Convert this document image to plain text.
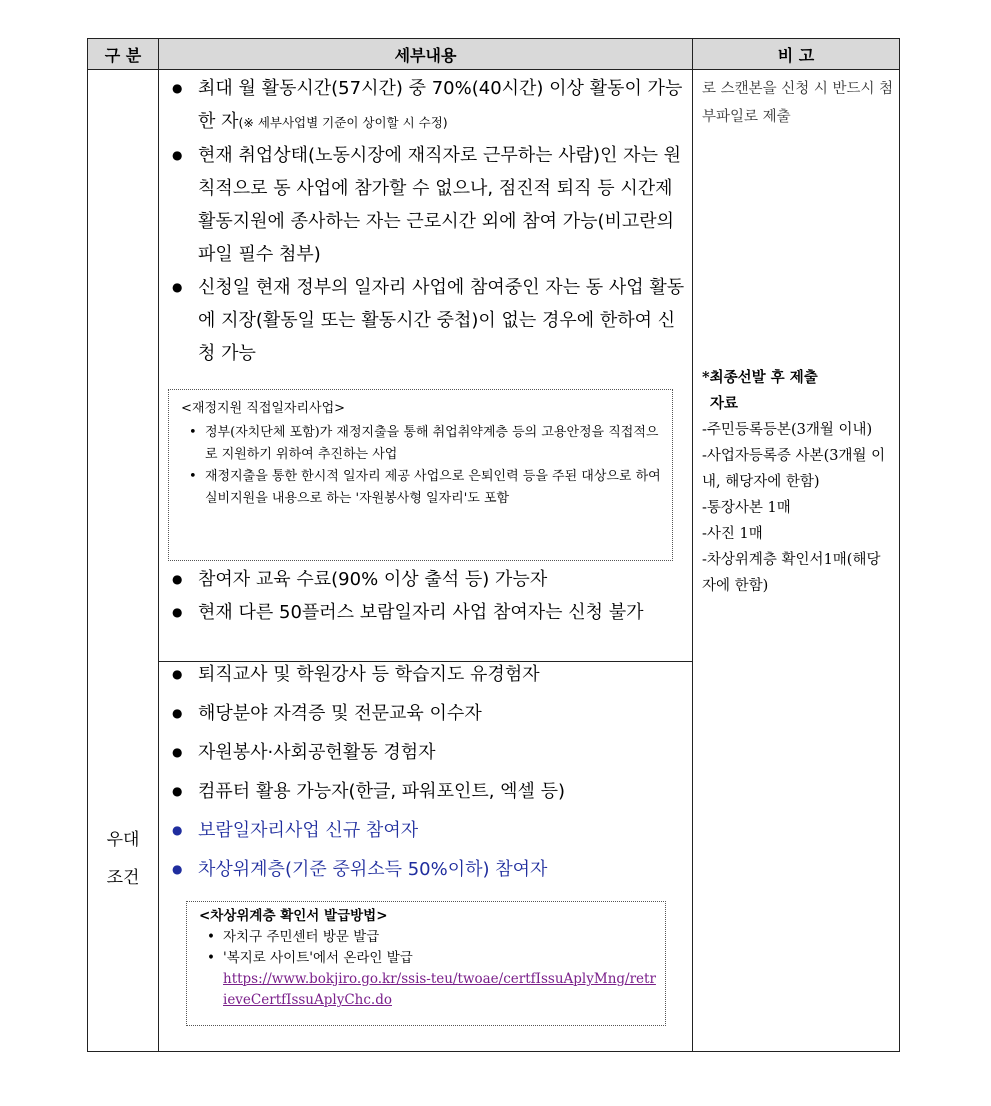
구 분	세부내용	비 고
● 최대 월 활동시간(57시간) 중 70%(40시간) 이상 활동이 가능한 자(※ 세부사업별 기준이 상이할 시 수정)
● 현재 취업상태(노동시장에 재직자로 근무하는 사람)인 자는 원칙적으로 동 사업에 참가할 수 없으나, 점진적 퇴직 등 시간제 활동지원에 종사하는 자는 근로시간 외에 참여 가능(비고란의 파일 필수 첨부)
● 신청일 현재 정부의 일자리 사업에 참여중인 자는 동 사업 활동에 지장(활동일 또는 활동시간 중첩)이 없는 경우에 한하여 신청 가능
<재정지원 직접일자리사업>
• 정부(자치단체 포함)가 재정지출을 통해 취업취약계층 등의 고용안정을 직접적으로 지원하기 위하여 추진하는 사업
• 재정지출을 통한 한시적 일자리 제공 사업으로 은퇴인력 등을 주된 대상으로 하여 실비지원을 내용으로 하는 '자원봉사형 일자리'도 포함
● 참여자 교육 수료(90% 이상 출석 등) 가능자
● 현재 다른 50플러스 보람일자리 사업 참여자는 신청 불가
우대
조건
● 퇴직교사 및 학원강사 등 학습지도 유경험자
● 해당분야 자격증 및 전문교육 이수자
● 자원봉사·사회공헌활동 경험자
● 컴퓨터 활용 가능자(한글, 파워포인트, 엑셀 등)
● 보람일자리사업 신규 참여자
● 차상위계층(기준 중위소득 50%이하) 참여자
<차상위계층 확인서 발급방법>
• 자치구 주민센터 방문 발급
• '복지로 사이트'에서 온라인 발급
https://www.bokjiro.go.kr/ssis-teu/twoae/certfIssuAplyMng/retrieveCertfIssuAplyChc.do
로 스캔본을 신청 시 반드시 첨부파일로 제출
*최종선발 후 제출
자료
-주민등록등본(3개월 이내)
-사업자등록증 사본(3개월 이내, 해당자에 한함)
-통장사본 1매
-사진 1매
-차상위계층 확인서1매(해당자에 한함)
